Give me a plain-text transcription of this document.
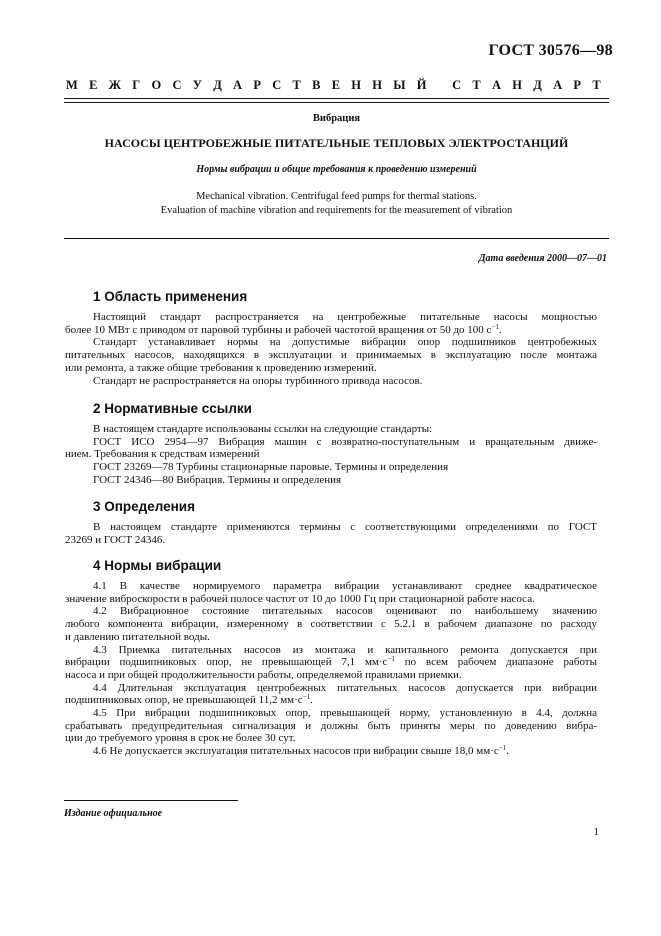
ГОСТ 30576—98
М Е Ж Г О С У Д А Р С Т В Е Н Н Ы Й
С Т А Н Д А Р Т
Вибрация
НАСОСЫ ЦЕНТРОБЕЖНЫЕ ПИТАТЕЛЬНЫЕ ТЕПЛОВЫХ ЭЛЕКТРОСТАНЦИЙ
Нормы вибрации и общие требования к проведению измерений
Mechanical vibration. Centrifugal feed pumps for thermal stations.
Evaluation of machine vibration and requirements for the measurement of vibration
Дата введения 2000—07—01
1 Область применения
Настоящий стандарт распространяется на центробежные питательные насосы мощностью
более 10 МВт с приводом от паровой турбины и рабочей частотой вращения от 50 до 100 $с^{-1}$.
Стандарт устанавливает нормы на допустимые вибрации опор подшипников центробежных
питательных насосов, находящихся в эксплуатации и принимаемых в эксплуатацию после монтажа
или ремонта, а также общие требования к проведению измерений.
Стандарт не распространяется на опоры турбинного привода насосов.
2 Нормативные ссылки
В настоящем стандарте использованы ссылки на следующие стандарты:
ГОСТ ИСО 2954—97 Вибрация машин с возвратно-поступательным и вращательным движе-
нием. Требования к средствам измерений
ГОСТ 23269—78 Турбины стационарные паровые. Термины и определения
ГОСТ 24346—80 Вибрация. Термины и определения
3 Определения
В настоящем стандарте применяются термины с соответствующими определениями по ГОСТ
23269 и ГОСТ 24346.
4 Нормы вибрации
4.1 В качестве нормируемого параметра вибрации устанавливают среднее квадратическое
значение виброскорости в рабочей полосе частот от 10 до 1000 Гц при стационарной работе насоса.
4.2 Вибрационное состояние питательных насосов оценивают по наибольшему значению
любого компонента вибрации, измеренному в соответствии с 5.2.1 в рабочем диапазоне по расходу
и давлению питательной воды.
4.3 Приемка питательных насосов из монтажа и капитального ремонта допускается при
вибрации подшипниковых опор, не превышающей 7,1 $мм\cdot с^{-1}$ по всем рабочем диапазоне работы
насоса и при общей продолжительности работы, определяемой правилами приемки.
4.4 Длительная эксплуатация центробежных питательных насосов допускается при вибрации
подшипниковых опор, не превышающей 11,2 $мм\cdot с^{-1}$.
4.5 При вибрации подшипниковых опор, превышающей норму, установленную в 4.4, должна
срабатывать предупредительная сигнализация и должны быть приняты меры по доведению вибра-
ции до требуемого уровня в срок не более 30 сут.
4.6 Не допускается эксплуатация питательных насосов при вибрации свыше 18,0 $мм\cdot с^{-1}$.
Издание официальное
1
